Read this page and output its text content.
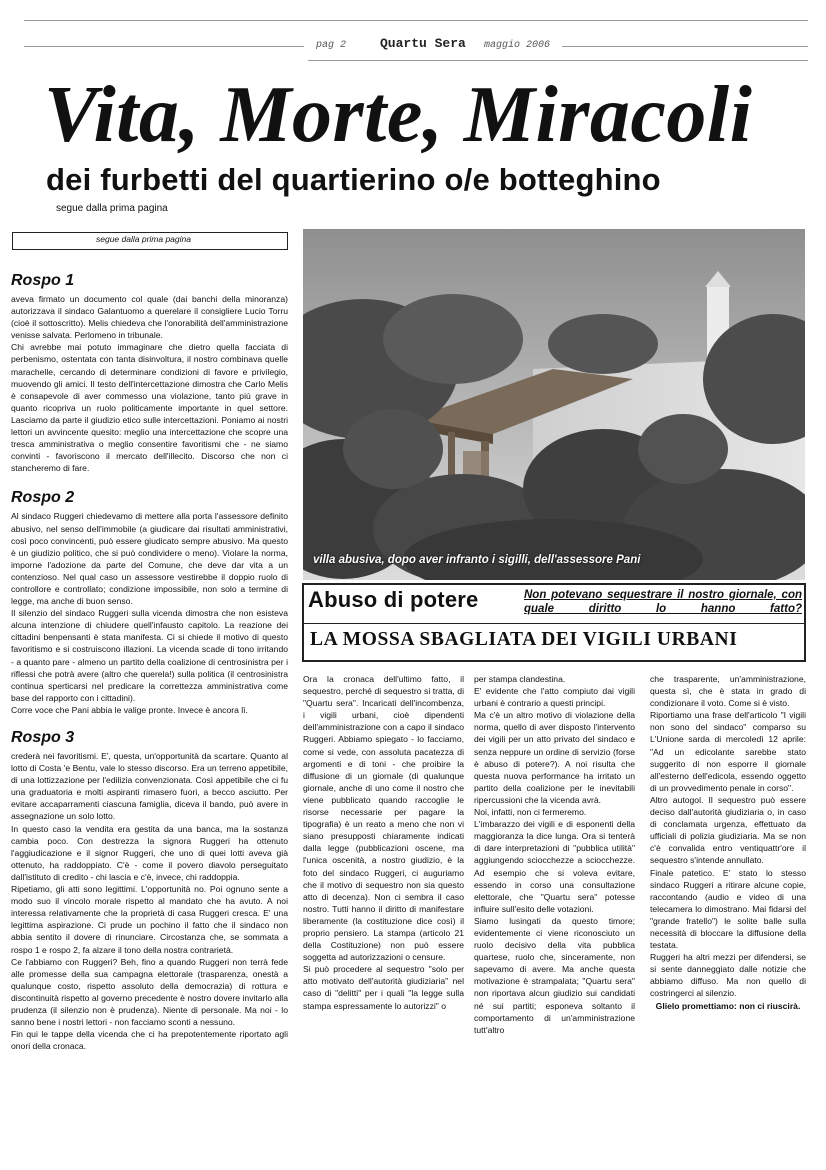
pag 2	Quartu Sera maggio 2006
Vita, Morte, Miracoli
dei furbetti del quartierino o/e botteghino
segue dalla prima pagina
segue dalla prima pagina
Rospo 1

aveva firmato un documento col quale (dai banchi della minoranza) autorizzava il sindaco Galantuomo a querelare il consigliere Lucio Torru (cioè il sottoscritto). Melis chiedeva che l'onorabilità dell'amministrazione venisse salvata. Perlomeno in tribunale.

Chi avrebbe mai potuto immaginare che dietro quella facciata di perbenismo, ostentata con tanta disinvoltura, il nostro combinava quelle marachelle, cercando di determinare condizioni di favore e privilegio, muovendo gli amici. Il testo dell'intercettazione dimostra che Carlo Melis è consapevole di aver commesso una violazione, tanto più grave in quanto ricopriva un ruolo politicamente importante in quel settore. Lasciamo da parte il giudizio etico sulle intercettazioni. Poniamo ai nostri lettori un avvincente quesito: meglio una intercettazione che scopre una tresca amministrativa o meglio consentire favoritismi che - ne siamo convinti - favoriscono il mercato dell'illecito. Discorso che non ci stancheremo di fare.

Rospo 2

Al sindaco Ruggeri chiedevamo di mettere alla porta l'assessore definito abusivo, nel senso dell'immobile (a giudicare dai risultati amministrativi, così poco convincenti, può essere giudicato sempre abusivo. Ma questo è un giudizio politico, che si può condividere o meno). Violare la norma, imporne l'adozione da parte del Comune, che deve dar vita a un contenzioso. Nel qual caso un assessore vestirebbe il doppio ruolo di controllore e controllato; condizione impossibile, non solo a termine di legge, ma anche di buon senso.

Il silenzio del sindaco Ruggeri sulla vicenda dimostra che non esisteva alcuna intenzione di chiudere quell'infausto capitolo. La reazione dei cittadini benpensanti è stata manifesta. Ci si chiede il motivo di questo favoritismo e si costruiscono illazioni. La vicenda scade di tono irritando - a quanto pare - almeno un partito della coalizione di centrosinistra per i riflessi che potrà avere (altro che querela!) sulla politica (il centrosinistra continua sperticarsi nel predicare la correttezza amministrativa come base del rapporto con i cittadini).

Corre voce che Pani abbia le valige pronte. Invece è ancora lì.

Rospo 3

crederà nei favoritismi. E', questa, un'opportunità da scartare. Quanto al lotto di Costa 'e Bentu, vale lo stesso discorso. Era un terreno appetibile, di una lottizzazione per l'edilizia convenzionata. Così appetibile che ci fu una graduatoria e molti aspiranti rimasero fuori, a becco asciutto. Per evitare accaparramenti ciascuna famiglia, diceva il bando, può avere in assegnazione un solo lotto.

In questo caso la vendita era gestita da una banca, ma la sostanza cambia poco. Con destrezza la signora Ruggeri ha ottenuto l'aggiudicazione e il signor Ruggeri, che uno di quei lotti aveva già ottenuto, ha raddoppiato. C'è - come il povero diavolo perseguitato dall'istituto di credito - chi lascia e c'è, invece, chi raddoppia.

Ripetiamo, gli atti sono legittimi. L'opportunità no. Poi ognuno sente a modo suo il vincolo morale rispetto al mandato che ha avuto. A noi interessa relativamente che la proprietà di casa Ruggeri cresca. E' una legittima aspirazione. Ci prude un pochino il fatto che il sindaco non abbia sentito il dovere di rinunciare. Circostanza che, se sommata a rospo 1 e rospo 2, fa alzare il tono della nostra contrarietà.

Ce l'abbiamo con Ruggeri? Beh, fino a quando Ruggeri non terrà fede alle promesse della sua campagna elettorale (trasparenza, onestà a qualunque costo, rispetto assoluto della democrazia) di rottura e discontinuità rispetto al governo precedente è nostro dovere invitarlo alla prudenza (il silenzio non è prudenza). Niente di personale. Ma noi - lo sanno bene i nostri lettori - non facciamo sconti a nessuno.

Fin qui le tappe della vicenda che ci ha prepotentemente riportato agli onori della cronaca.

villa abusiva, dopo aver infranto i sigilli, dell'assessore Pani
Abuso di potere	Non potevano sequestrare il nostro giornale, con quale diritto lo hanno fatto?
LA MOSSA SBAGLIATA DEI VIGILI URBANI

Ora la cronaca dell'ultimo fatto, il sequestro, perché di sequestro si tratta, di "Quartu sera". Incaricati dell'incombenza, i vigili urbani, cioè dipendenti dell'amministrazione con a capo il sindaco Ruggeri. Abbiamo spiegato - lo facciamo, come si vede, con assoluta pacatezza di argomenti e di toni - che proibire la diffusione di un giornale (di qualunque giornale, anche di uno come il nostro che viene pubblicato quando raccoglie le risorse necessarie per pagare la tipografia) è un reato a meno che non vi siano presupposti chiaramente indicati dalla legge (pubblicazioni oscene, ma l'unica oscenità, a nostro giudizio, è la foto del sindaco Ruggeri, ci auguriamo che il motivo di sequestro non sia questo atto di decenza). Non ci sembra il caso nostro. Tutti hanno il diritto di manifestare liberamente (la costituzione dice così) il proprio pensiero. La stampa (articolo 21 della Costituzione) non può essere soggetta ad autorizzazioni o censure.

Si può procedere al sequestro "solo per atto motivato dell'autorità giudiziaria" nel caso di "delitti" per i quali "la legge sulla stampa espressamente lo autorizzi" o

per stampa clandestina.

E' evidente che l'atto compiuto dai vigili urbani è contrario a questi principi.

Ma c'è un altro motivo di violazione della norma, quello di aver disposto l'intervento dei vigili per un atto privato del sindaco e senza neppure un ordine di servizio (forse è abuso di potere?). A noi risulta che questa nuova performance ha irritato un partito della coalizione per le inevitabili ripercussioni che la vicenda avrà.

Noi, infatti, non ci fermeremo.

L'imbarazzo dei vigili e di esponenti della maggioranza la dice lunga. Ora si tenterà di dare interpretazioni di "pubblica utilità" aggiungendo sciocchezze a sciocchezze. Ad esempio che si voleva evitare, essendo in corso una consultazione elettorale, che "Quartu sera" potesse influire sull'esito delle votazioni.

Siamo lusingati da questo timore; evidentemente ci viene riconosciuto un ruolo decisivo della vita pubblica quartese, ruolo che, sinceramente, non sapevamo di avere. Ma anche questa motivazione è strampalata; "Quartu sera" non riportava alcun giudizio sui candidati né sui partiti; esponeva soltanto il comportamento di un'amministrazione tutt'altro

che trasparente, un'amministrazione, questa sì, che è stata in grado di condizionare il voto. Come si è visto.

Riportiamo una frase dell'articolo "I vigili non sono del sindaco" comparso su L'Unione sarda di mercoledì 12 aprile: "Ad un edicolante sarebbe stato suggerito di non esporre il giornale all'esterno dell'edicola, essendo oggetto di un provvedimento penale in corso".

Altro autogol. Il sequestro può essere deciso dall'autorità giudiziaria o, in caso di conclamata urgenza, effettuato da ufficiali di polizia giudiziaria. Ma se non c'è convalida entro ventiquattr'ore il sequestro s'intende annullato.

Finale patetico. E' stato lo stesso sindaco Ruggeri a ritirare alcune copie, raccontando (audio e video di una telecamera lo dimostrano. Mai fidarsi del "grande fratello") le solite balle sulla necessità di bloccare la diffusione della testata.

Ruggeri ha altri mezzi per difendersi, se si sente danneggiato dalle notizie che abbiamo diffuso. Ma non quello di costringerci al silenzio.

Glielo promettiamo: non ci riuscirà.
